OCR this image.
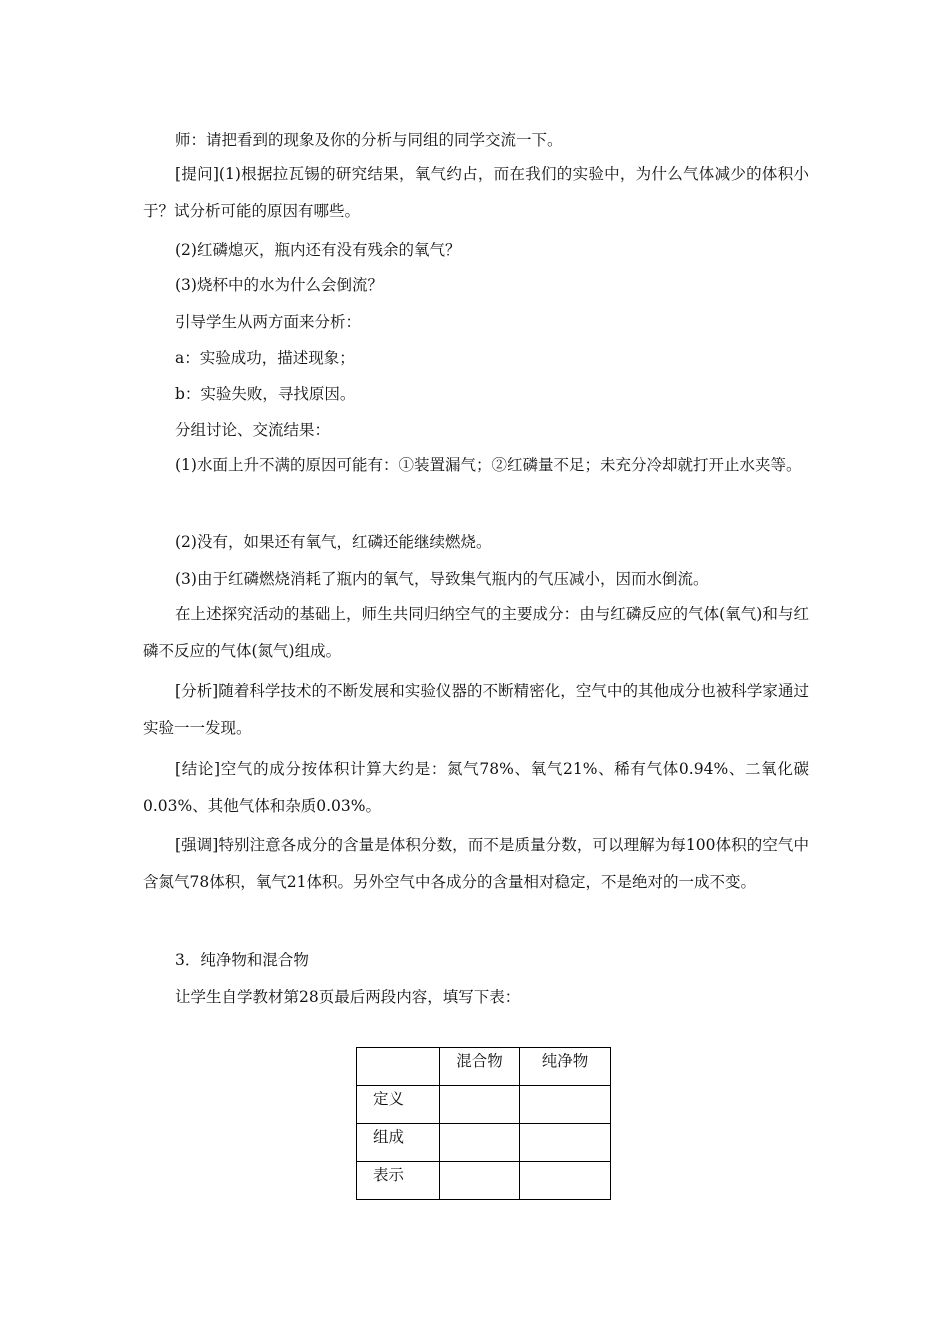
师：请把看到的现象及你的分析与同组的同学交流一下。

[提问](1)根据拉瓦锡的研究结果，氧气约占，而在我们的实验中，为什么气体减少的体积小于？试分析可能的原因有哪些。

(2)红磷熄灭，瓶内还有没有残余的氧气？

(3)烧杯中的水为什么会倒流？

引导学生从两方面来分析：

a：实验成功，描述现象；

b：实验失败，寻找原因。

分组讨论、交流结果：

(1)水面上升不满的原因可能有：①装置漏气；②红磷量不足；未充分冷却就打开止水夹等。

(2)没有，如果还有氧气，红磷还能继续燃烧。

(3)由于红磷燃烧消耗了瓶内的氧气，导致集气瓶内的气压减小，因而水倒流。

在上述探究活动的基础上，师生共同归纳空气的主要成分：由与红磷反应的气体(氧气)和与红磷不反应的气体(氮气)组成。

[分析]随着科学技术的不断发展和实验仪器的不断精密化，空气中的其他成分也被科学家通过实验一一发现。

[结论]空气的成分按体积计算大约是：氮气78%、氧气21%、稀有气体0.94%、二氧化碳0.03%、其他气体和杂质0.03%。

[强调]特别注意各成分的含量是体积分数，而不是质量分数，可以理解为每100体积的空气中含氮气78体积，氧气21体积。另外空气中各成分的含量相对稳定，不是绝对的一成不变。

3．纯净物和混合物

让学生自学教材第28页最后两段内容，填写下表：

	混合物	纯净物
定义		
组成		
表示		
